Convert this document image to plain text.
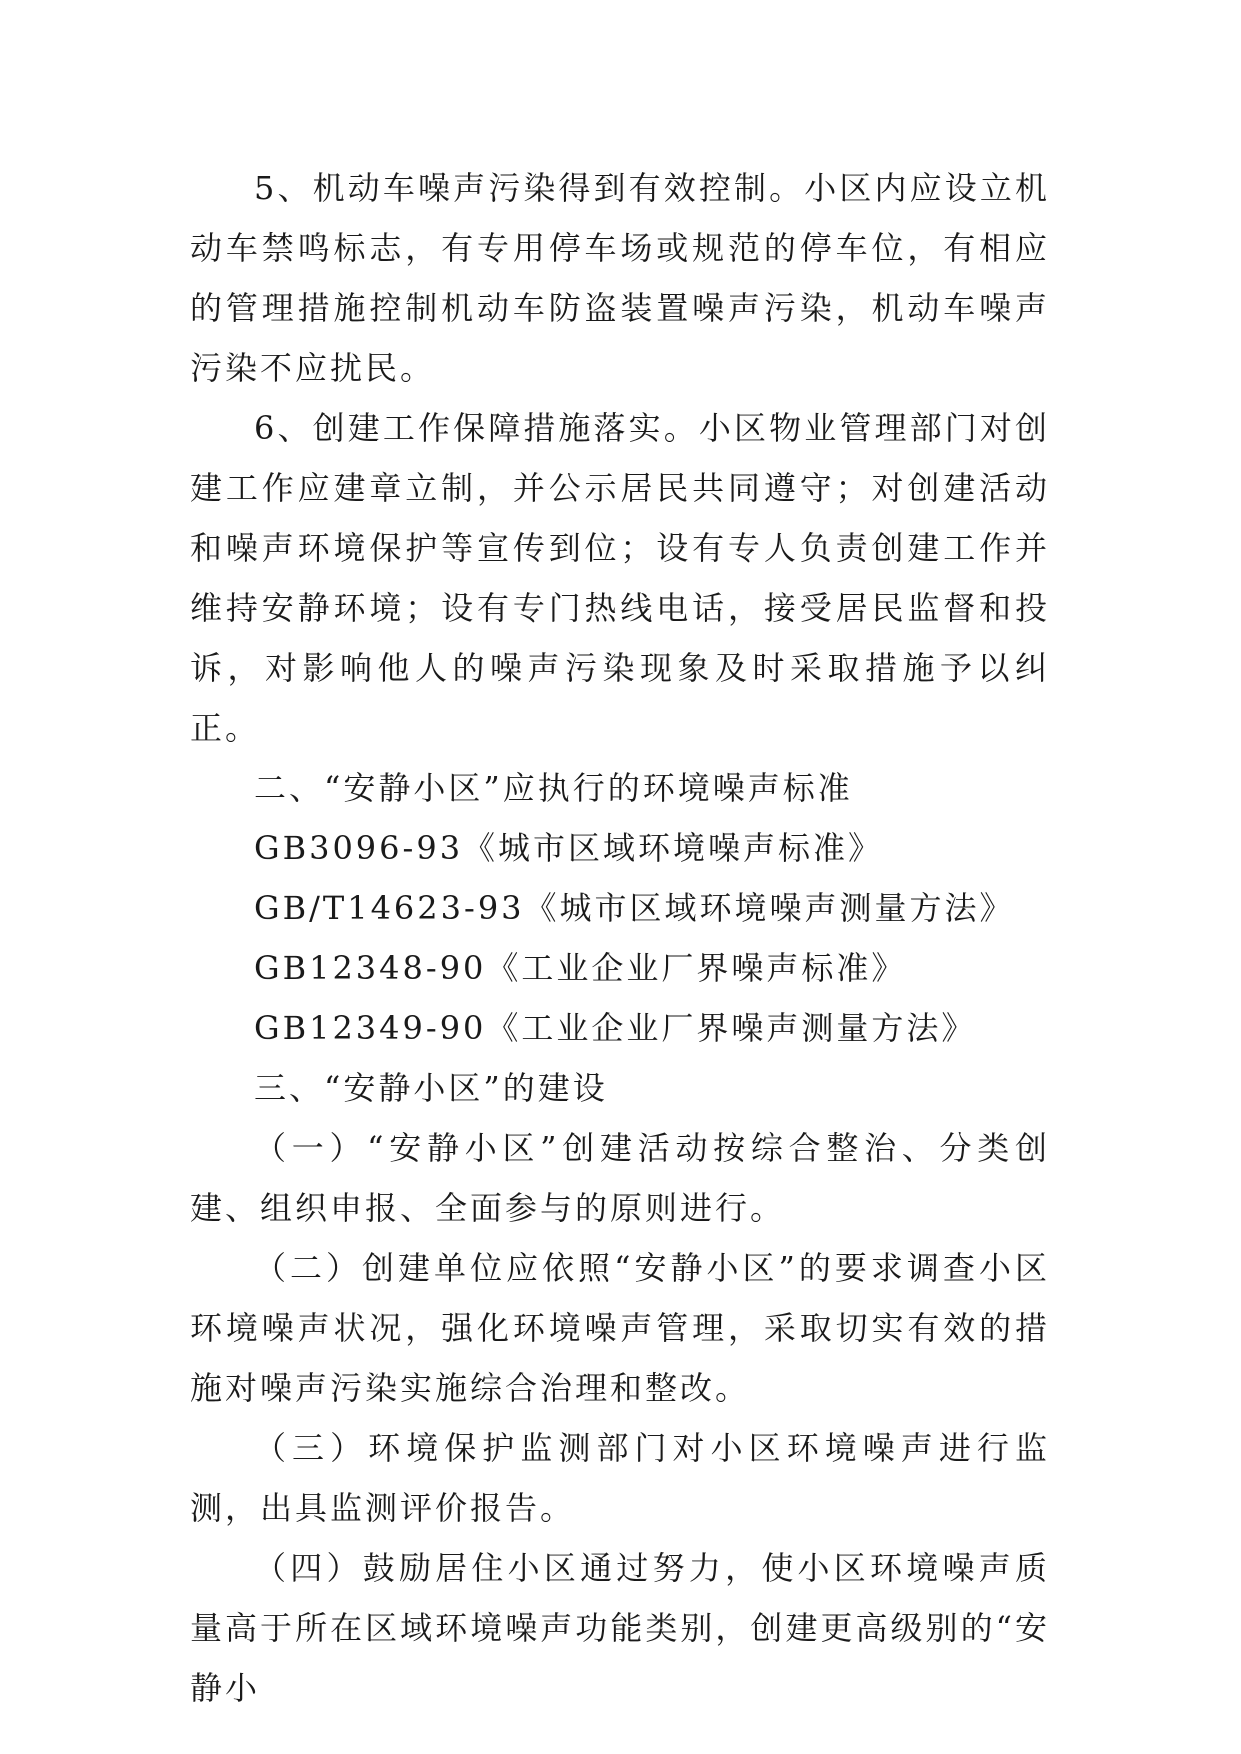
5、机动车噪声污染得到有效控制。小区内应设立机动车禁鸣标志，有专用停车场或规范的停车位，有相应的管理措施控制机动车防盗装置噪声污染，机动车噪声污染不应扰民。

6、创建工作保障措施落实。小区物业管理部门对创建工作应建章立制，并公示居民共同遵守；对创建活动和噪声环境保护等宣传到位；设有专人负责创建工作并维持安静环境；设有专门热线电话，接受居民监督和投诉，对影响他人的噪声污染现象及时采取措施予以纠正。

二、“安静小区”应执行的环境噪声标准

GB3096-93《城市区域环境噪声标准》

GB/T14623-93《城市区域环境噪声测量方法》

GB12348-90《工业企业厂界噪声标准》

GB12349-90《工业企业厂界噪声测量方法》

三、“安静小区”的建设

（一）“安静小区”创建活动按综合整治、分类创建、组织申报、全面参与的原则进行。

（二）创建单位应依照“安静小区”的要求调查小区环境噪声状况，强化环境噪声管理，采取切实有效的措施对噪声污染实施综合治理和整改。

（三）环境保护监测部门对小区环境噪声进行监测，出具监测评价报告。

（四）鼓励居住小区通过努力，使小区环境噪声质量高于所在区域环境噪声功能类别，创建更高级别的“安静小
